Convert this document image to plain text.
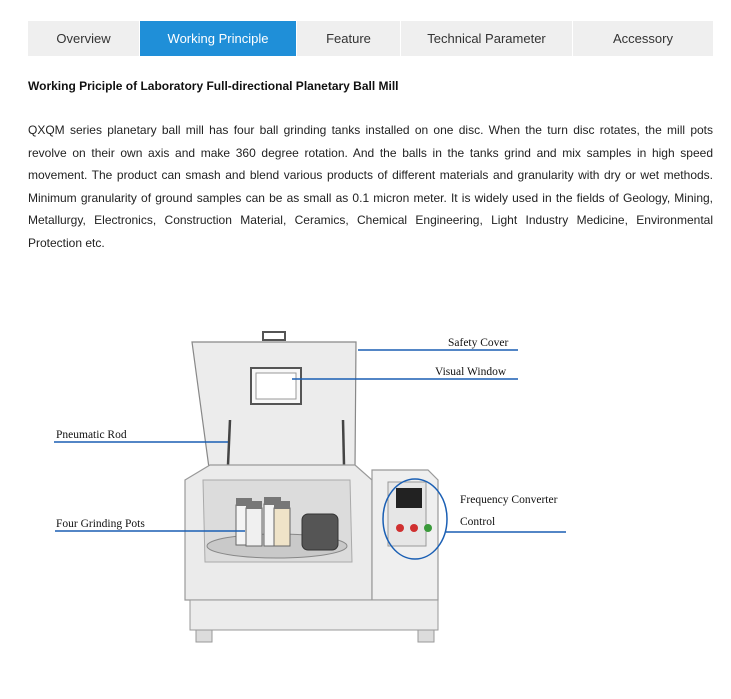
Overview	Working Principle	Feature	Technical Parameter	Accessory
Working Priciple of Laboratory Full-directional Planetary Ball Mill

QXQM series planetary ball mill has four ball grinding tanks installed on one disc. When the turn disc rotates, the mill pots revolve on their own axis and make 360 degree rotation. And the balls in the tanks grind and mix samples in high speed movement. The product can smash and blend various products of different materials and granularity with dry or wet methods. Minimum granularity of ground samples can be as small as 0.1 micron meter. It is widely used in the fields of Geology, Mining, Metallurgy, Electronics, Construction Material, Ceramics, Chemical Engineering, Light Industry Medicine, Environmental Protection etc.

Safety Cover
Visual Window
Pneumatic Rod
Four Grinding Pots
Frequency Converter
Control
